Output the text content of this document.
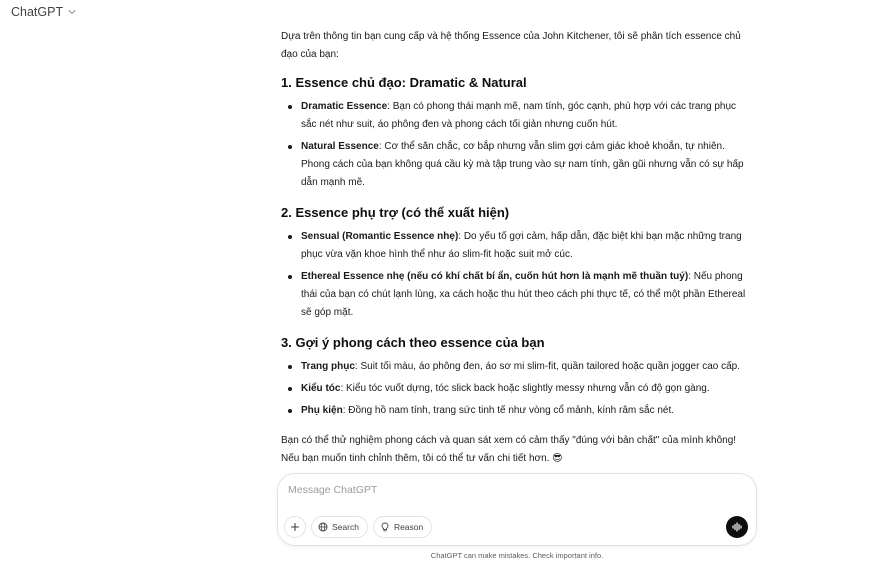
ChatGPT

Dựa trên thông tin bạn cung cấp và hệ thống Essence của John Kitchener, tôi sẽ phân tích essence chủ đạo của bạn:

1. Essence chủ đạo: Dramatic & Natural
Dramatic Essence: Bạn có phong thái mạnh mẽ, nam tính, góc cạnh, phù hợp với các trang phục sắc nét như suit, áo phông đen và phong cách tối giản nhưng cuốn hút.
Natural Essence: Cơ thể săn chắc, cơ bắp nhưng vẫn slim gợi cảm giác khoẻ khoắn, tự nhiên. Phong cách của bạn không quá cầu kỳ mà tập trung vào sự nam tính, gần gũi nhưng vẫn có sự hấp dẫn mạnh mẽ.
2. Essence phụ trợ (có thể xuất hiện)
Sensual (Romantic Essence nhẹ): Do yếu tố gợi cảm, hấp dẫn, đặc biệt khi bạn mặc những trang phục vừa vặn khoe hình thể như áo slim-fit hoặc suit mở cúc.
Ethereal Essence nhẹ (nếu có khí chất bí ẩn, cuốn hút hơn là mạnh mẽ thuần tuý): Nếu phong thái của bạn có chút lạnh lùng, xa cách hoặc thu hút theo cách phi thực tế, có thể một phần Ethereal sẽ góp mặt.
3. Gợi ý phong cách theo essence của bạn
Trang phục: Suit tối màu, áo phông đen, áo sơ mi slim-fit, quần tailored hoặc quần jogger cao cấp.
Kiểu tóc: Kiểu tóc vuốt dựng, tóc slick back hoặc slightly messy nhưng vẫn có độ gọn gàng.
Phụ kiện: Đồng hồ nam tính, trang sức tinh tế như vòng cổ mảnh, kính râm sắc nét.

Bạn có thể thử nghiệm phong cách và quan sát xem có cảm thấy "đúng với bản chất" của mình không! Nếu bạn muốn tinh chỉnh thêm, tôi có thể tư vấn chi tiết hơn. 😎

Message ChatGPT
Search	Reason
ChatGPT can make mistakes. Check important info.
